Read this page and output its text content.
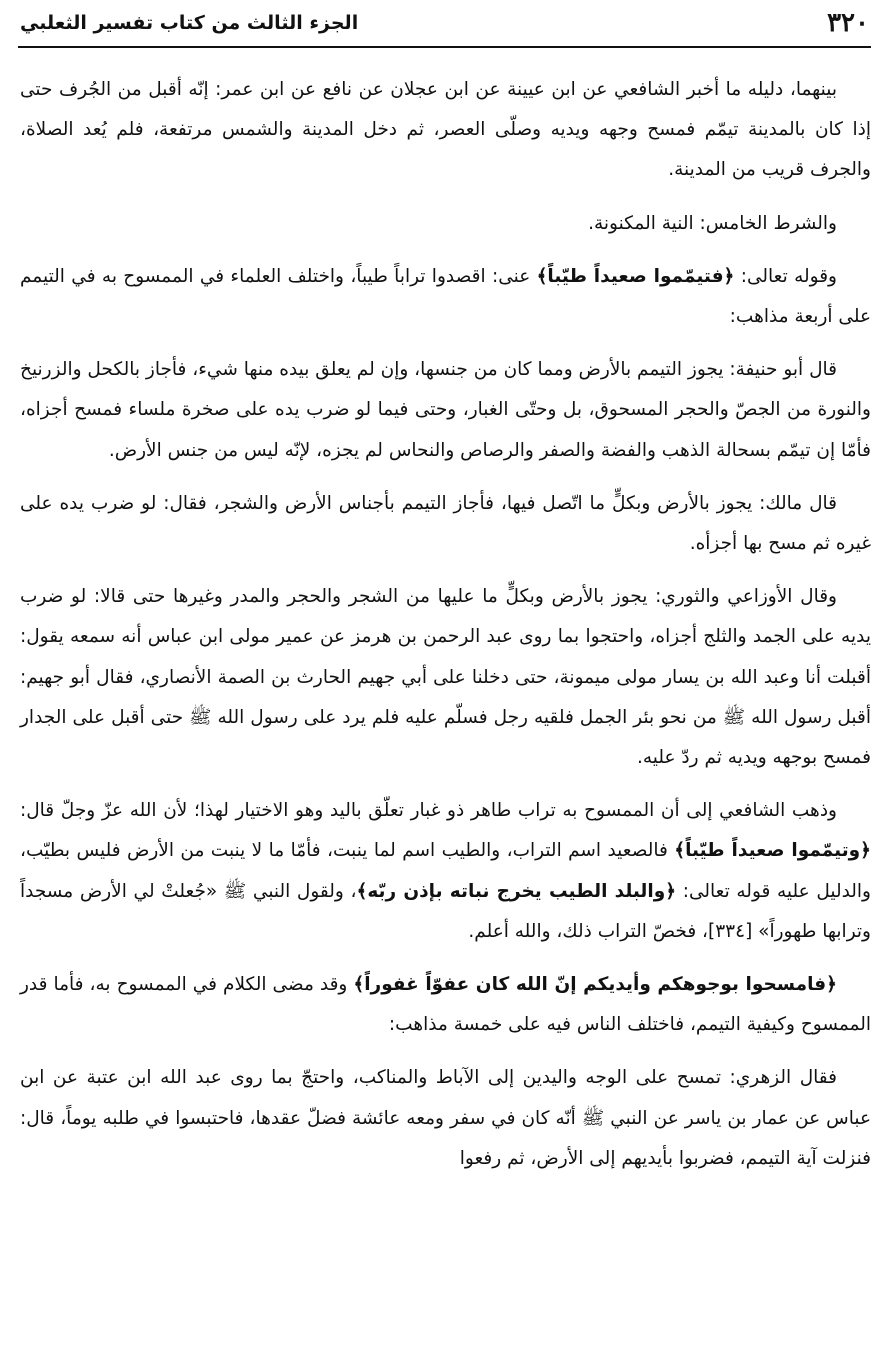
٣٢٠
الجزء الثالث من كتاب تفسير الثعلبي

بينهما، دليله ما أخبر الشافعي عن ابن عيينة عن ابن عجلان عن نافع عن ابن عمر: إنّه أقبل من الجُرف حتى إذا كان بالمدينة تيمّم فمسح وجهه ويديه وصلّى العصر، ثم دخل المدينة والشمس مرتفعة، فلم يُعد الصلاة، والجرف قريب من المدينة.

والشرط الخامس: النية المكنونة.

وقوله تعالى: ﴿فتيمّموا صعيداً طيّباً﴾ عنى: اقصدوا تراباً طيباً، واختلف العلماء في الممسوح به في التيمم على أربعة مذاهب:

قال أبو حنيفة: يجوز التيمم بالأرض ومما كان من جنسها، وإن لم يعلق بيده منها شيء، فأجاز بالكحل والزرنيخ والنورة من الجصّ والحجر المسحوق، بل وحتّى الغبار، وحتى فيما لو ضرب يده على صخرة ملساء فمسح أجزاه، فأمّا إن تيمّم بسحالة الذهب والفضة والصفر والرصاص والنحاس لم يجزه، لإنّه ليس من جنس الأرض.

قال مالك: يجوز بالأرض وبكلٍّ ما اتّصل فيها، فأجاز التيمم بأجناس الأرض والشجر، فقال: لو ضرب يده على غيره ثم مسح بها أجزأه.

وقال الأوزاعي والثوري: يجوز بالأرض وبكلٍّ ما عليها من الشجر والحجر والمدر وغيرها حتى قالا: لو ضرب يديه على الجمد والثلج أجزاه، واحتجوا بما روى عبد الرحمن بن هرمز عن عمير مولى ابن عباس أنه سمعه يقول: أقبلت أنا وعبد الله بن يسار مولى ميمونة، حتى دخلنا على أبي جهيم الحارث بن الصمة الأنصاري، فقال أبو جهيم: أقبل رسول الله ﷺ من نحو بئر الجمل فلقيه رجل فسلّم عليه فلم يرد على رسول الله ﷺ حتى أقبل على الجدار فمسح بوجهه ويديه ثم ردّ عليه.

وذهب الشافعي إلى أن الممسوح به تراب طاهر ذو غبار تعلّق باليد وهو الاختيار لهذا؛ لأن الله عزّ وجلّ قال: ﴿وتيمّموا صعيداً طيّباً﴾ فالصعيد اسم التراب، والطيب اسم لما ينبت، فأمّا ما لا ينبت من الأرض فليس بطيّب، والدليل عليه قوله تعالى: ﴿والبلد الطيب يخرج نباته بإذن ربّه﴾، ولقول النبي ﷺ «جُعلتْ لي الأرض مسجداً وترابها طهوراً» [٣٣٤]، فخصّ التراب ذلك، والله أعلم.

﴿فامسحوا بوجوهكم وأيديكم إنّ الله كان عفوّاً غفوراً﴾ وقد مضى الكلام في الممسوح به، فأما قدر الممسوح وكيفية التيمم، فاختلف الناس فيه على خمسة مذاهب:

فقال الزهري: تمسح على الوجه واليدين إلى الآباط والمناكب، واحتجّ بما روى عبد الله ابن عتبة عن ابن عباس عن عمار بن ياسر عن النبي ﷺ أنّه كان في سفر ومعه عائشة فضلّ عقدها، فاحتبسوا في طلبه يوماً، قال: فنزلت آية التيمم، فضربوا بأيديهم إلى الأرض، ثم رفعوا
